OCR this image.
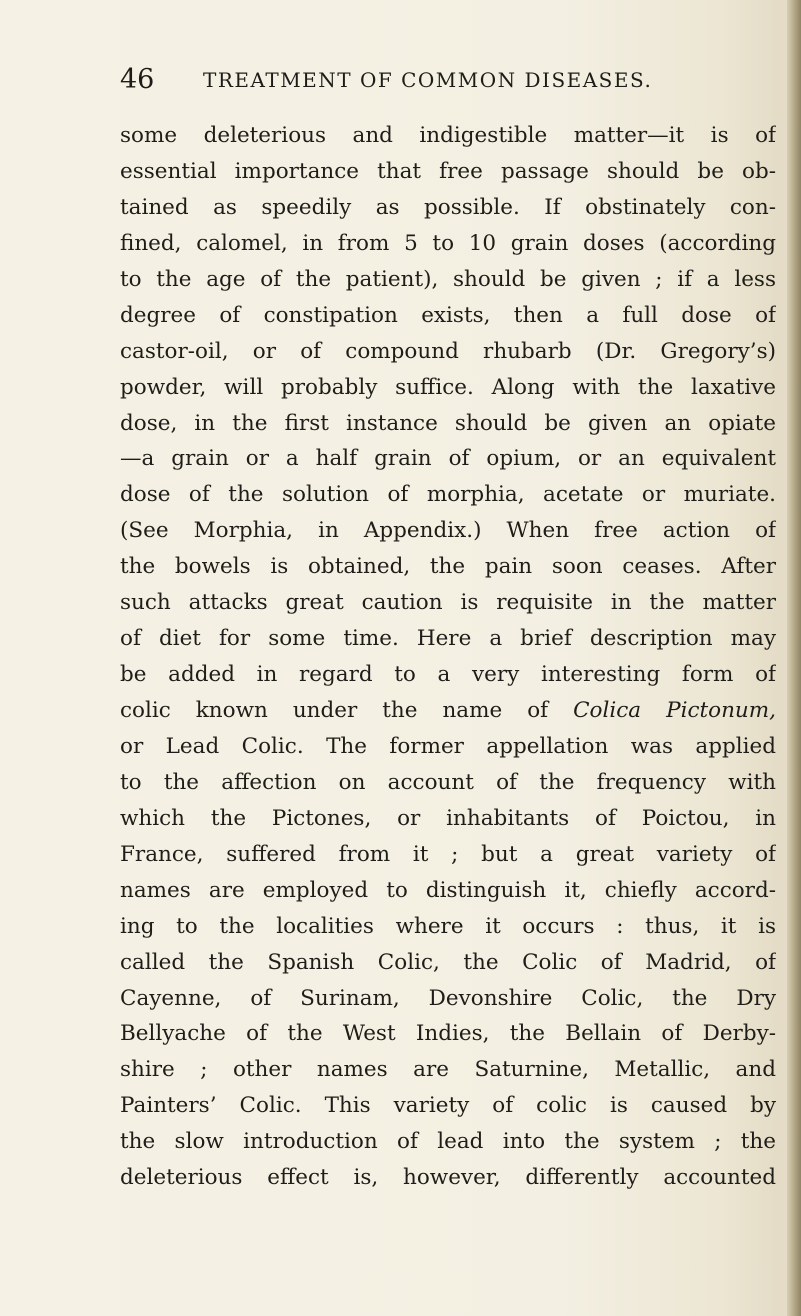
46 TREATMENT OF COMMON DISEASES.
some deleterious and indigestible matter—it is of
essential importance that free passage should be ob-
tained as speedily as possible. If obstinately con-
fined, calomel, in from 5 to 10 grain doses (according
to the age of the patient), should be given ; if a less
degree of constipation exists, then a full dose of
castor-oil, or of compound rhubarb (Dr. Gregory’s)
powder, will probably suffice. Along with the laxative
dose, in the first instance should be given an opiate
—a grain or a half grain of opium, or an equivalent
dose of the solution of morphia, acetate or muriate.
(See Morphia, in Appendix.) When free action of
the bowels is obtained, the pain soon ceases. After
such attacks great caution is requisite in the matter
of diet for some time. Here a brief description may
be added in regard to a very interesting form of
colic known under the name of Colica Pictonum,
or Lead Colic. The former appellation was applied
to the affection on account of the frequency with
which the Pictones, or inhabitants of Poictou, in
France, suffered from it ; but a great variety of
names are employed to distinguish it, chiefly accord-
ing to the localities where it occurs : thus, it is
called the Spanish Colic, the Colic of Madrid, of
Cayenne, of Surinam, Devonshire Colic, the Dry
Bellyache of the West Indies, the Bellain of Derby-
shire ; other names are Saturnine, Metallic, and
Painters’ Colic. This variety of colic is caused by
the slow introduction of lead into the system ; the
deleterious effect is, however, differently accounted
